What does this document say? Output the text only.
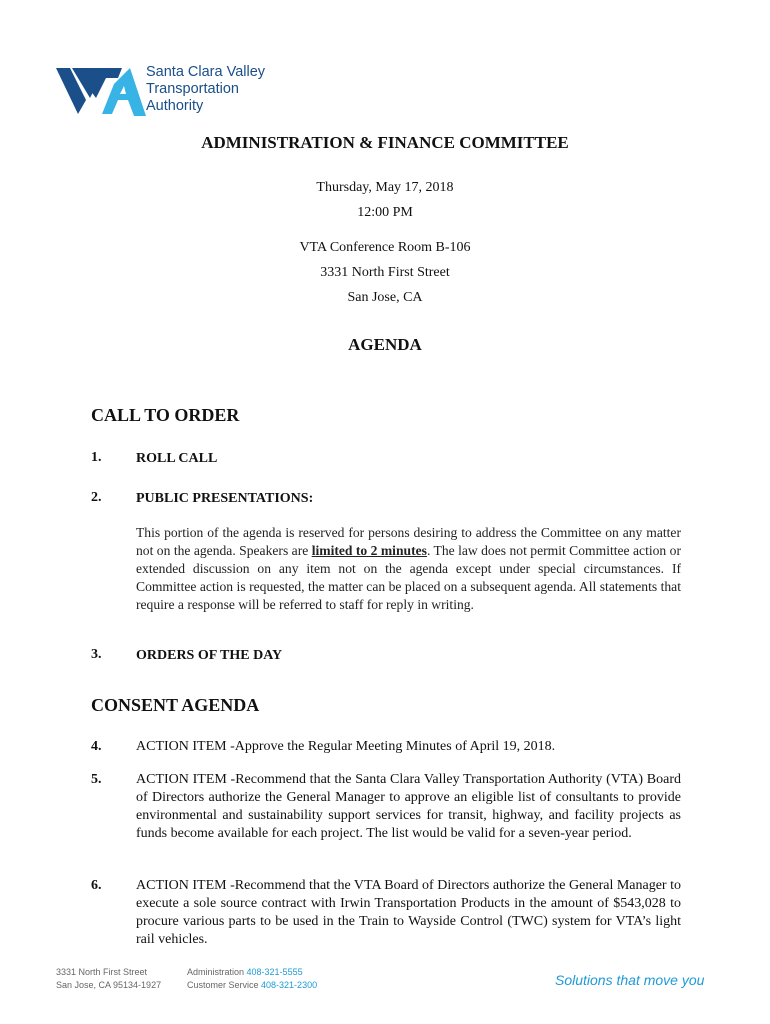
Santa Clara Valley
Transportation
Authority
ADMINISTRATION & FINANCE COMMITTEE
Thursday, May 17, 2018
12:00 PM
VTA Conference Room B-106
3331 North First Street
San Jose, CA
AGENDA
CALL TO ORDER
1. ROLL CALL
2. PUBLIC PRESENTATIONS:
This portion of the agenda is reserved for persons desiring to address the Committee on any matter not on the agenda. Speakers are limited to 2 minutes. The law does not permit Committee action or extended discussion on any item not on the agenda except under special circumstances. If Committee action is requested, the matter can be placed on a subsequent agenda. All statements that require a response will be referred to staff for reply in writing.
3. ORDERS OF THE DAY
CONSENT AGENDA
4. ACTION ITEM -Approve the Regular Meeting Minutes of April 19, 2018.
5. ACTION ITEM -Recommend that the Santa Clara Valley Transportation Authority (VTA) Board of Directors authorize the General Manager to approve an eligible list of consultants to provide environmental and sustainability support services for transit, highway, and facility projects as funds become available for each project. The list would be valid for a seven-year period.
6. ACTION ITEM -Recommend that the VTA Board of Directors authorize the General Manager to execute a sole source contract with Irwin Transportation Products in the amount of $543,028 to procure various parts to be used in the Train to Wayside Control (TWC) system for VTA’s light rail vehicles.
3331 North First Street
San Jose, CA 95134-1927
Administration 408-321-5555
Customer Service 408-321-2300	Solutions that move you
